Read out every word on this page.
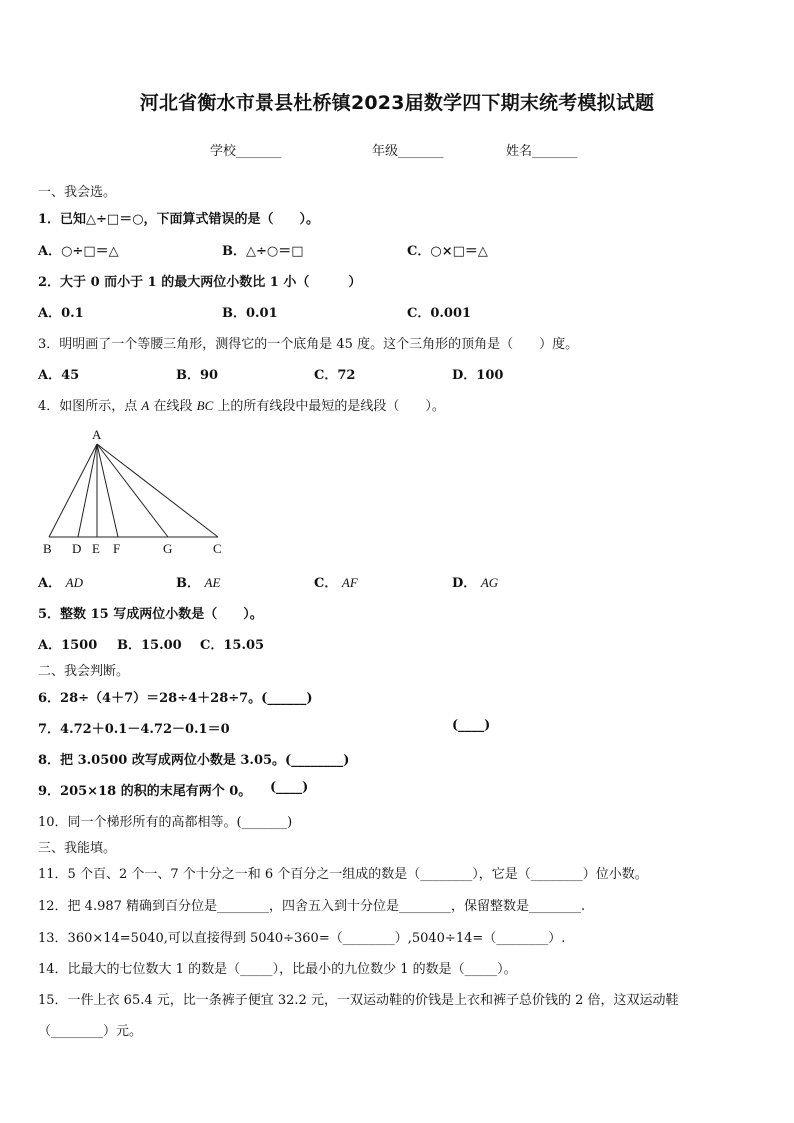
河北省衡水市景县杜桥镇2023届数学四下期末统考模拟试题
学校_______	年级_______	姓名_______
一、我会选。
1．已知△÷□＝○，下面算式错误的是（　　）。
A．○÷□＝△	B．△÷○＝□	C．○×□＝△
2．大于 0 而小于 1 的最大两位小数比 1 小（　　　）
A．0.1	B．0.01	C．0.001
3．明明画了一个等腰三角形，测得它的一个底角是 45 度。这个三角形的顶角是（　　）度。
A．45	B．90	C．72	D．100
4．如图所示，点 A 在线段 BC 上的所有线段中最短的是线段（　　）。
A
B D E F	G	C
A． AD	B． AE	C． AF	D． AG
5．整数 15 写成两位小数是（　　）。
A．1500 B．15.00 C．15.05
二、我会判断。
6．28÷（4＋7）＝28÷4＋28÷7。(______)
7．4.72＋0.1－4.72－0.1＝0	(____)
8．把 3.0500 改写成两位小数是 3.05。(________)
9．205×18 的积的末尾有两个 0。 (____)
10．同一个梯形所有的高都相等。(_______)
三、我能填。
11．5 个百、2 个一、7 个十分之一和 6 个百分之一组成的数是（________），它是（________）位小数。
12．把 4.987 精确到百分位是________，四舍五入到十分位是________，保留整数是________.
13．360×14=5040,可以直接得到 5040÷360=（________）,5040÷14=（________）.
14．比最大的七位数大 1 的数是（_____），比最小的九位数少 1 的数是（_____）。
15．一件上衣 65.4 元，比一条裤子便宜 32.2 元，一双运动鞋的价钱是上衣和裤子总价钱的 2 倍，这双运动鞋
（________）元。
